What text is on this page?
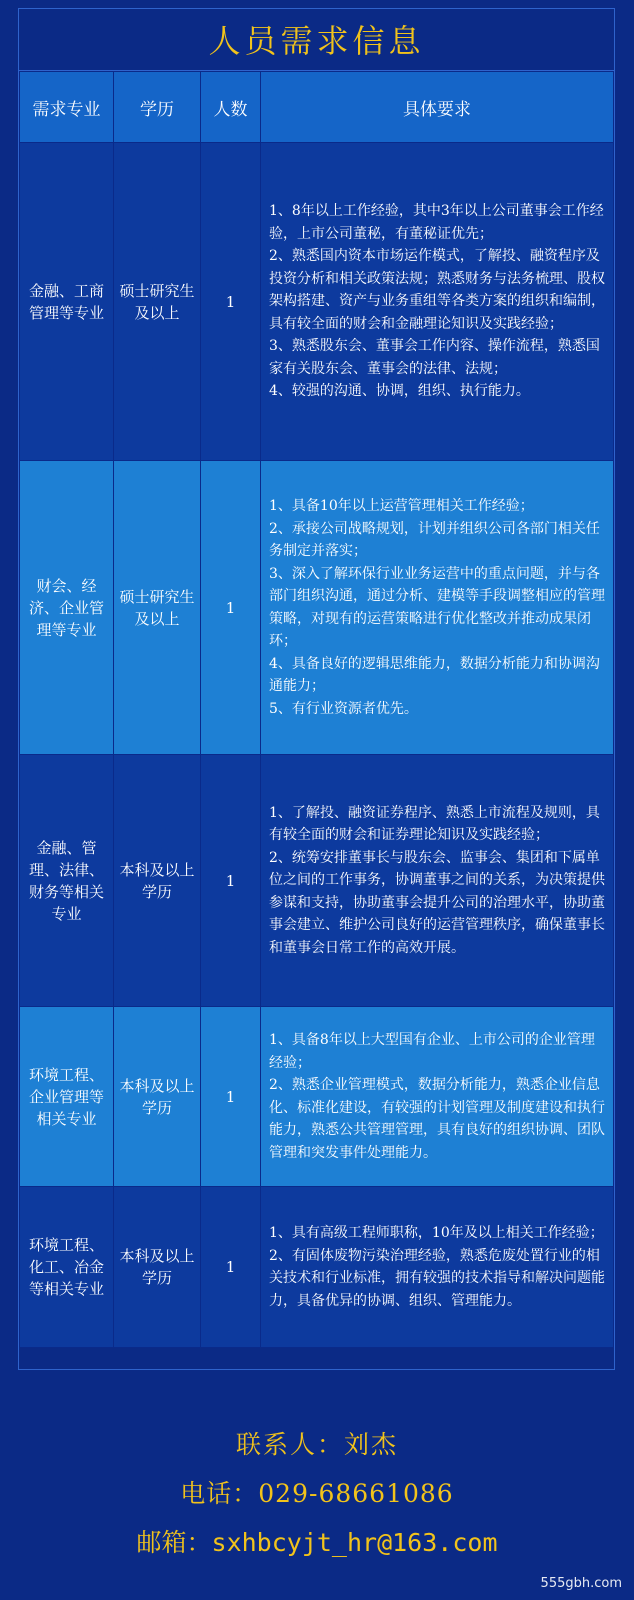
人员需求信息
需求专业	学历	人数	具体要求
金融、工商管理等专业	硕士研究生及以上	1	1、8年以上工作经验，其中3年以上公司董事会工作经验，上市公司董秘，有董秘证优先；
2、熟悉国内资本市场运作模式，了解投、融资程序及投资分析和相关政策法规；熟悉财务与法务梳理、股权架构搭建、资产与业务重组等各类方案的组织和编制，具有较全面的财会和金融理论知识及实践经验；
3、熟悉股东会、董事会工作内容、操作流程，熟悉国家有关股东会、董事会的法律、法规；
4、较强的沟通、协调，组织、执行能力。
财会、经济、企业管理等专业	硕士研究生及以上	1	1、具备10年以上运营管理相关工作经验；
2、承接公司战略规划，计划并组织公司各部门相关任务制定并落实；
3、深入了解环保行业业务运营中的重点问题，并与各部门组织沟通，通过分析、建模等手段调整相应的管理策略，对现有的运营策略进行优化整改并推动成果闭环；
4、具备良好的逻辑思维能力，数据分析能力和协调沟通能力；
5、有行业资源者优先。
金融、管理、法律、财务等相关专业	本科及以上学历	1	1、了解投、融资证券程序、熟悉上市流程及规则，具有较全面的财会和证券理论知识及实践经验；
2、统筹安排董事长与股东会、监事会、集团和下属单位之间的工作事务，协调董事之间的关系，为决策提供参谋和支持，协助董事会提升公司的治理水平，协助董事会建立、维护公司良好的运营管理秩序，确保董事长和董事会日常工作的高效开展。
环境工程、企业管理等相关专业	本科及以上学历	1	1、具备8年以上大型国有企业、上市公司的企业管理经验；
2、熟悉企业管理模式，数据分析能力，熟悉企业信息化、标准化建设，有较强的计划管理及制度建设和执行能力，熟悉公共管理管理，具有良好的组织协调、团队管理和突发事件处理能力。
环境工程、化工、冶金等相关专业	本科及以上学历	1	1、具有高级工程师职称，10年及以上相关工作经验；
2、有固体废物污染治理经验，熟悉危废处置行业的相关技术和行业标准，拥有较强的技术指导和解决问题能力，具备优异的协调、组织、管理能力。
联系人：刘杰
电话：029-68661086
邮箱：sxhbcyjt_hr@163.com
555gbh.com
